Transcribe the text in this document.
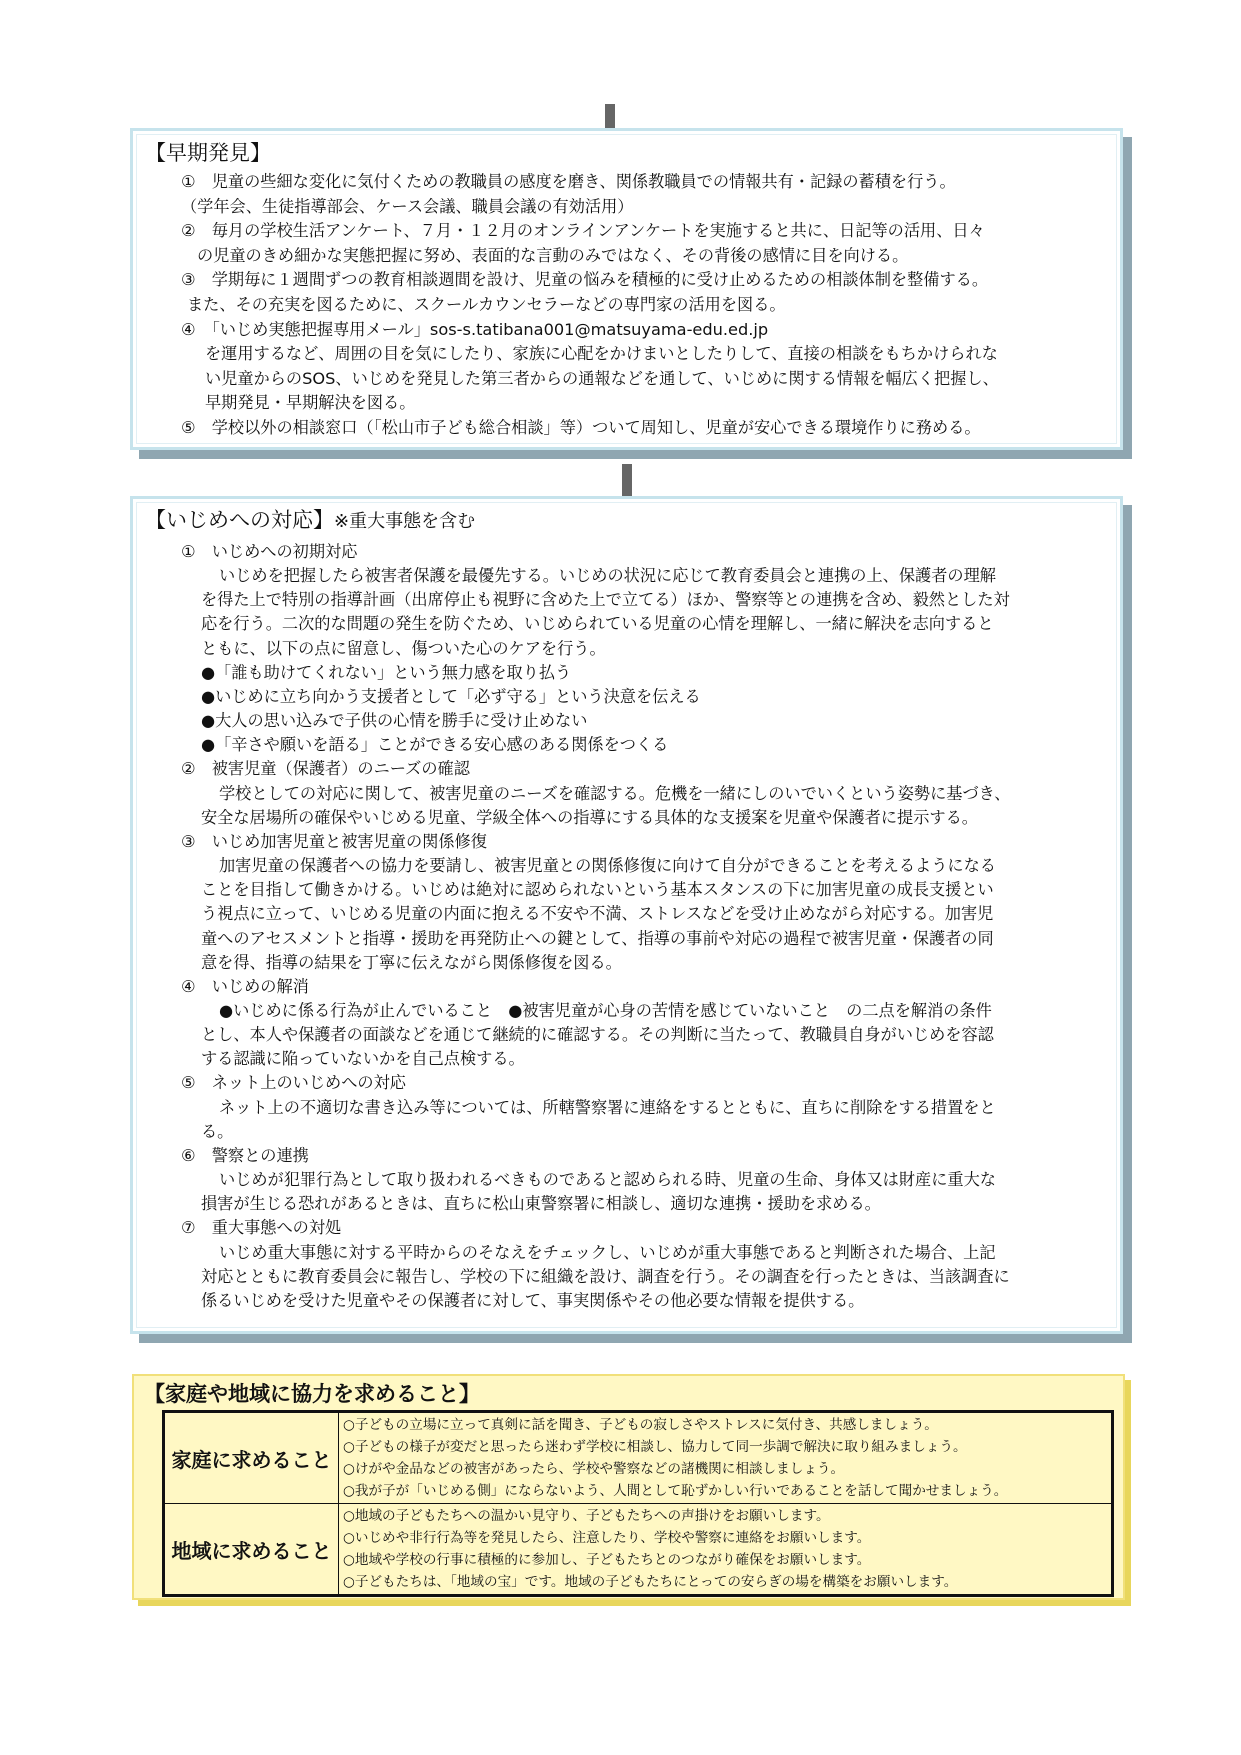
【早期発見】
①　児童の些細な変化に気付くための教職員の感度を磨き、関係教職員での情報共有・記録の蓄積を行う。
（学年会、生徒指導部会、ケース会議、職員会議の有効活用）
②　毎月の学校生活アンケート、７月・１２月のオンラインアンケートを実施すると共に、日記等の活用、日々
の児童のきめ細かな実態把握に努め、表面的な言動のみではなく、その背後の感情に目を向ける。
③　学期毎に１週間ずつの教育相談週間を設け、児童の悩みを積極的に受け止めるための相談体制を整備する。
また、その充実を図るために、スクールカウンセラーなどの専門家の活用を図る。
④　「いじめ実態把握専用メール」sos-s.tatibana001@matsuyama-edu.ed.jp
を運用するなど、周囲の目を気にしたり、家族に心配をかけまいとしたりして、直接の相談をもちかけられな
い児童からのSOS、いじめを発見した第三者からの通報などを通して、いじめに関する情報を幅広く把握し、
早期発見・早期解決を図る。
⑤　学校以外の相談窓口（「松山市子ども総合相談」等）ついて周知し、児童が安心できる環境作りに務める。
【いじめへの対応】※重大事態を含む
①　いじめへの初期対応
いじめを把握したら被害者保護を最優先する。いじめの状況に応じて教育委員会と連携の上、保護者の理解
を得た上で特別の指導計画（出席停止も視野に含めた上で立てる）ほか、警察等との連携を含め、毅然とした対
応を行う。二次的な問題の発生を防ぐため、いじめられている児童の心情を理解し、一緒に解決を志向すると
ともに、以下の点に留意し、傷ついた心のケアを行う。
●「誰も助けてくれない」という無力感を取り払う
●いじめに立ち向かう支援者として「必ず守る」という決意を伝える
●大人の思い込みで子供の心情を勝手に受け止めない
●「辛さや願いを語る」ことができる安心感のある関係をつくる
②　被害児童（保護者）のニーズの確認
学校としての対応に関して、被害児童のニーズを確認する。危機を一緒にしのいでいくという姿勢に基づき、
安全な居場所の確保やいじめる児童、学級全体への指導にする具体的な支援案を児童や保護者に提示する。
③　いじめ加害児童と被害児童の関係修復
加害児童の保護者への協力を要請し、被害児童との関係修復に向けて自分ができることを考えるようになる
ことを目指して働きかける。いじめは絶対に認められないという基本スタンスの下に加害児童の成長支援とい
う視点に立って、いじめる児童の内面に抱える不安や不満、ストレスなどを受け止めながら対応する。加害児
童へのアセスメントと指導・援助を再発防止への鍵として、指導の事前や対応の過程で被害児童・保護者の同
意を得、指導の結果を丁寧に伝えながら関係修復を図る。
④　いじめの解消
●いじめに係る行為が止んでいること　●被害児童が心身の苦情を感じていないこと　の二点を解消の条件
とし、本人や保護者の面談などを通じて継続的に確認する。その判断に当たって、教職員自身がいじめを容認
する認識に陥っていないかを自己点検する。
⑤　ネット上のいじめへの対応
ネット上の不適切な書き込み等については、所轄警察署に連絡をするとともに、直ちに削除をする措置をと
る。
⑥　警察との連携
いじめが犯罪行為として取り扱われるべきものであると認められる時、児童の生命、身体又は財産に重大な
損害が生じる恐れがあるときは、直ちに松山東警察署に相談し、適切な連携・援助を求める。
⑦　重大事態への対処
いじめ重大事態に対する平時からのそなえをチェックし、いじめが重大事態であると判断された場合、上記
対応とともに教育委員会に報告し、学校の下に組織を設け、調査を行う。その調査を行ったときは、当該調査に
係るいじめを受けた児童やその保護者に対して、事実関係やその他必要な情報を提供する。
【家庭や地域に協力を求めること】
家庭に求めること	○子どもの立場に立って真剣に話を聞き、子どもの寂しさやストレスに気付き、共感しましょう。
○子どもの様子が変だと思ったら迷わず学校に相談し、協力して同一歩調で解決に取り組みましょう。
○けがや金品などの被害があったら、学校や警察などの諸機関に相談しましょう。
○我が子が「いじめる側」にならないよう、人間として恥ずかしい行いであることを話して聞かせましょう。

地域に求めること	○地域の子どもたちへの温かい見守り、子どもたちへの声掛けをお願いします。
○いじめや非行行為等を発見したら、注意したり、学校や警察に連絡をお願いします。
○地域や学校の行事に積極的に参加し、子どもたちとのつながり確保をお願いします。
○子どもたちは、「地域の宝」です。地域の子どもたちにとっての安らぎの場を構築をお願いします。
